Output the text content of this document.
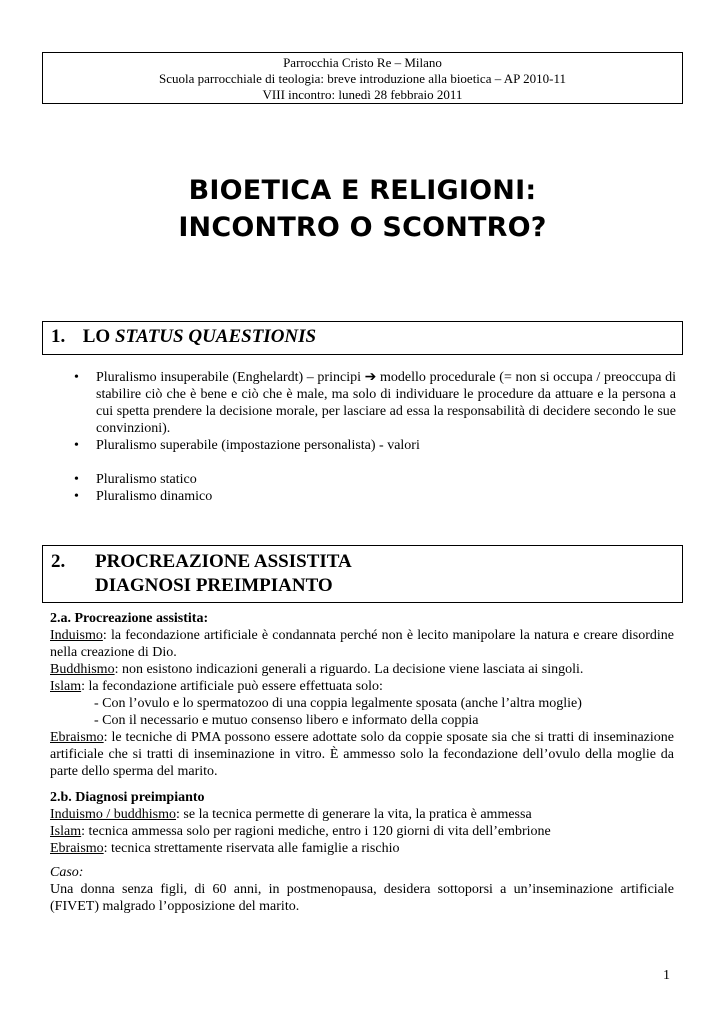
Parrocchia Cristo Re – Milano
Scuola parrocchiale di teologia: breve introduzione alla bioetica – AP 2010-11
VIII incontro: lunedì 28 febbraio 2011
BIOETICA E RELIGIONI:
INCONTRO O SCONTRO?
1. LO STATUS QUAESTIONIS
•	Pluralismo insuperabile (Enghelardt) – principi ➔ modello procedurale (= non si occupa / preoccupa di stabilire ciò che è bene e ciò che è male, ma solo di individuare le procedure da attuare e la persona a cui spetta prendere la decisione morale, per lasciare ad essa la responsabilità di decidere secondo le sue convinzioni).
•	Pluralismo superabile (impostazione personalista) - valori
•	Pluralismo statico
•	Pluralismo dinamico
2.	PROCREAZIONE ASSISTITA
DIAGNOSI PREIMPIANTO
2.a. Procreazione assistita:
Induismo: la fecondazione artificiale è condannata perché non è lecito manipolare la natura e creare disordine nella creazione di Dio.
Buddhismo: non esistono indicazioni generali a riguardo. La decisione viene lasciata ai singoli.
Islam: la fecondazione artificiale può essere effettuata solo:
- Con l’ovulo e lo spermatozoo di una coppia legalmente sposata (anche l’altra moglie)
- Con il necessario e mutuo consenso libero e informato della coppia
Ebraismo: le tecniche di PMA possono essere adottate solo da coppie sposate sia che si tratti di inseminazione artificiale che si tratti di inseminazione in vitro. È ammesso solo la fecondazione dell’ovulo della moglie da parte dello sperma del marito.
2.b. Diagnosi preimpianto
Induismo / buddhismo: se la tecnica permette di generare la vita, la pratica è ammessa
Islam: tecnica ammessa solo per ragioni mediche, entro i 120 giorni di vita dell’embrione
Ebraismo: tecnica strettamente riservata alle famiglie a rischio
Caso:
Una donna senza figli, di 60 anni, in postmenopausa, desidera sottoporsi a un’inseminazione artificiale (FIVET) malgrado l’opposizione del marito.
1
